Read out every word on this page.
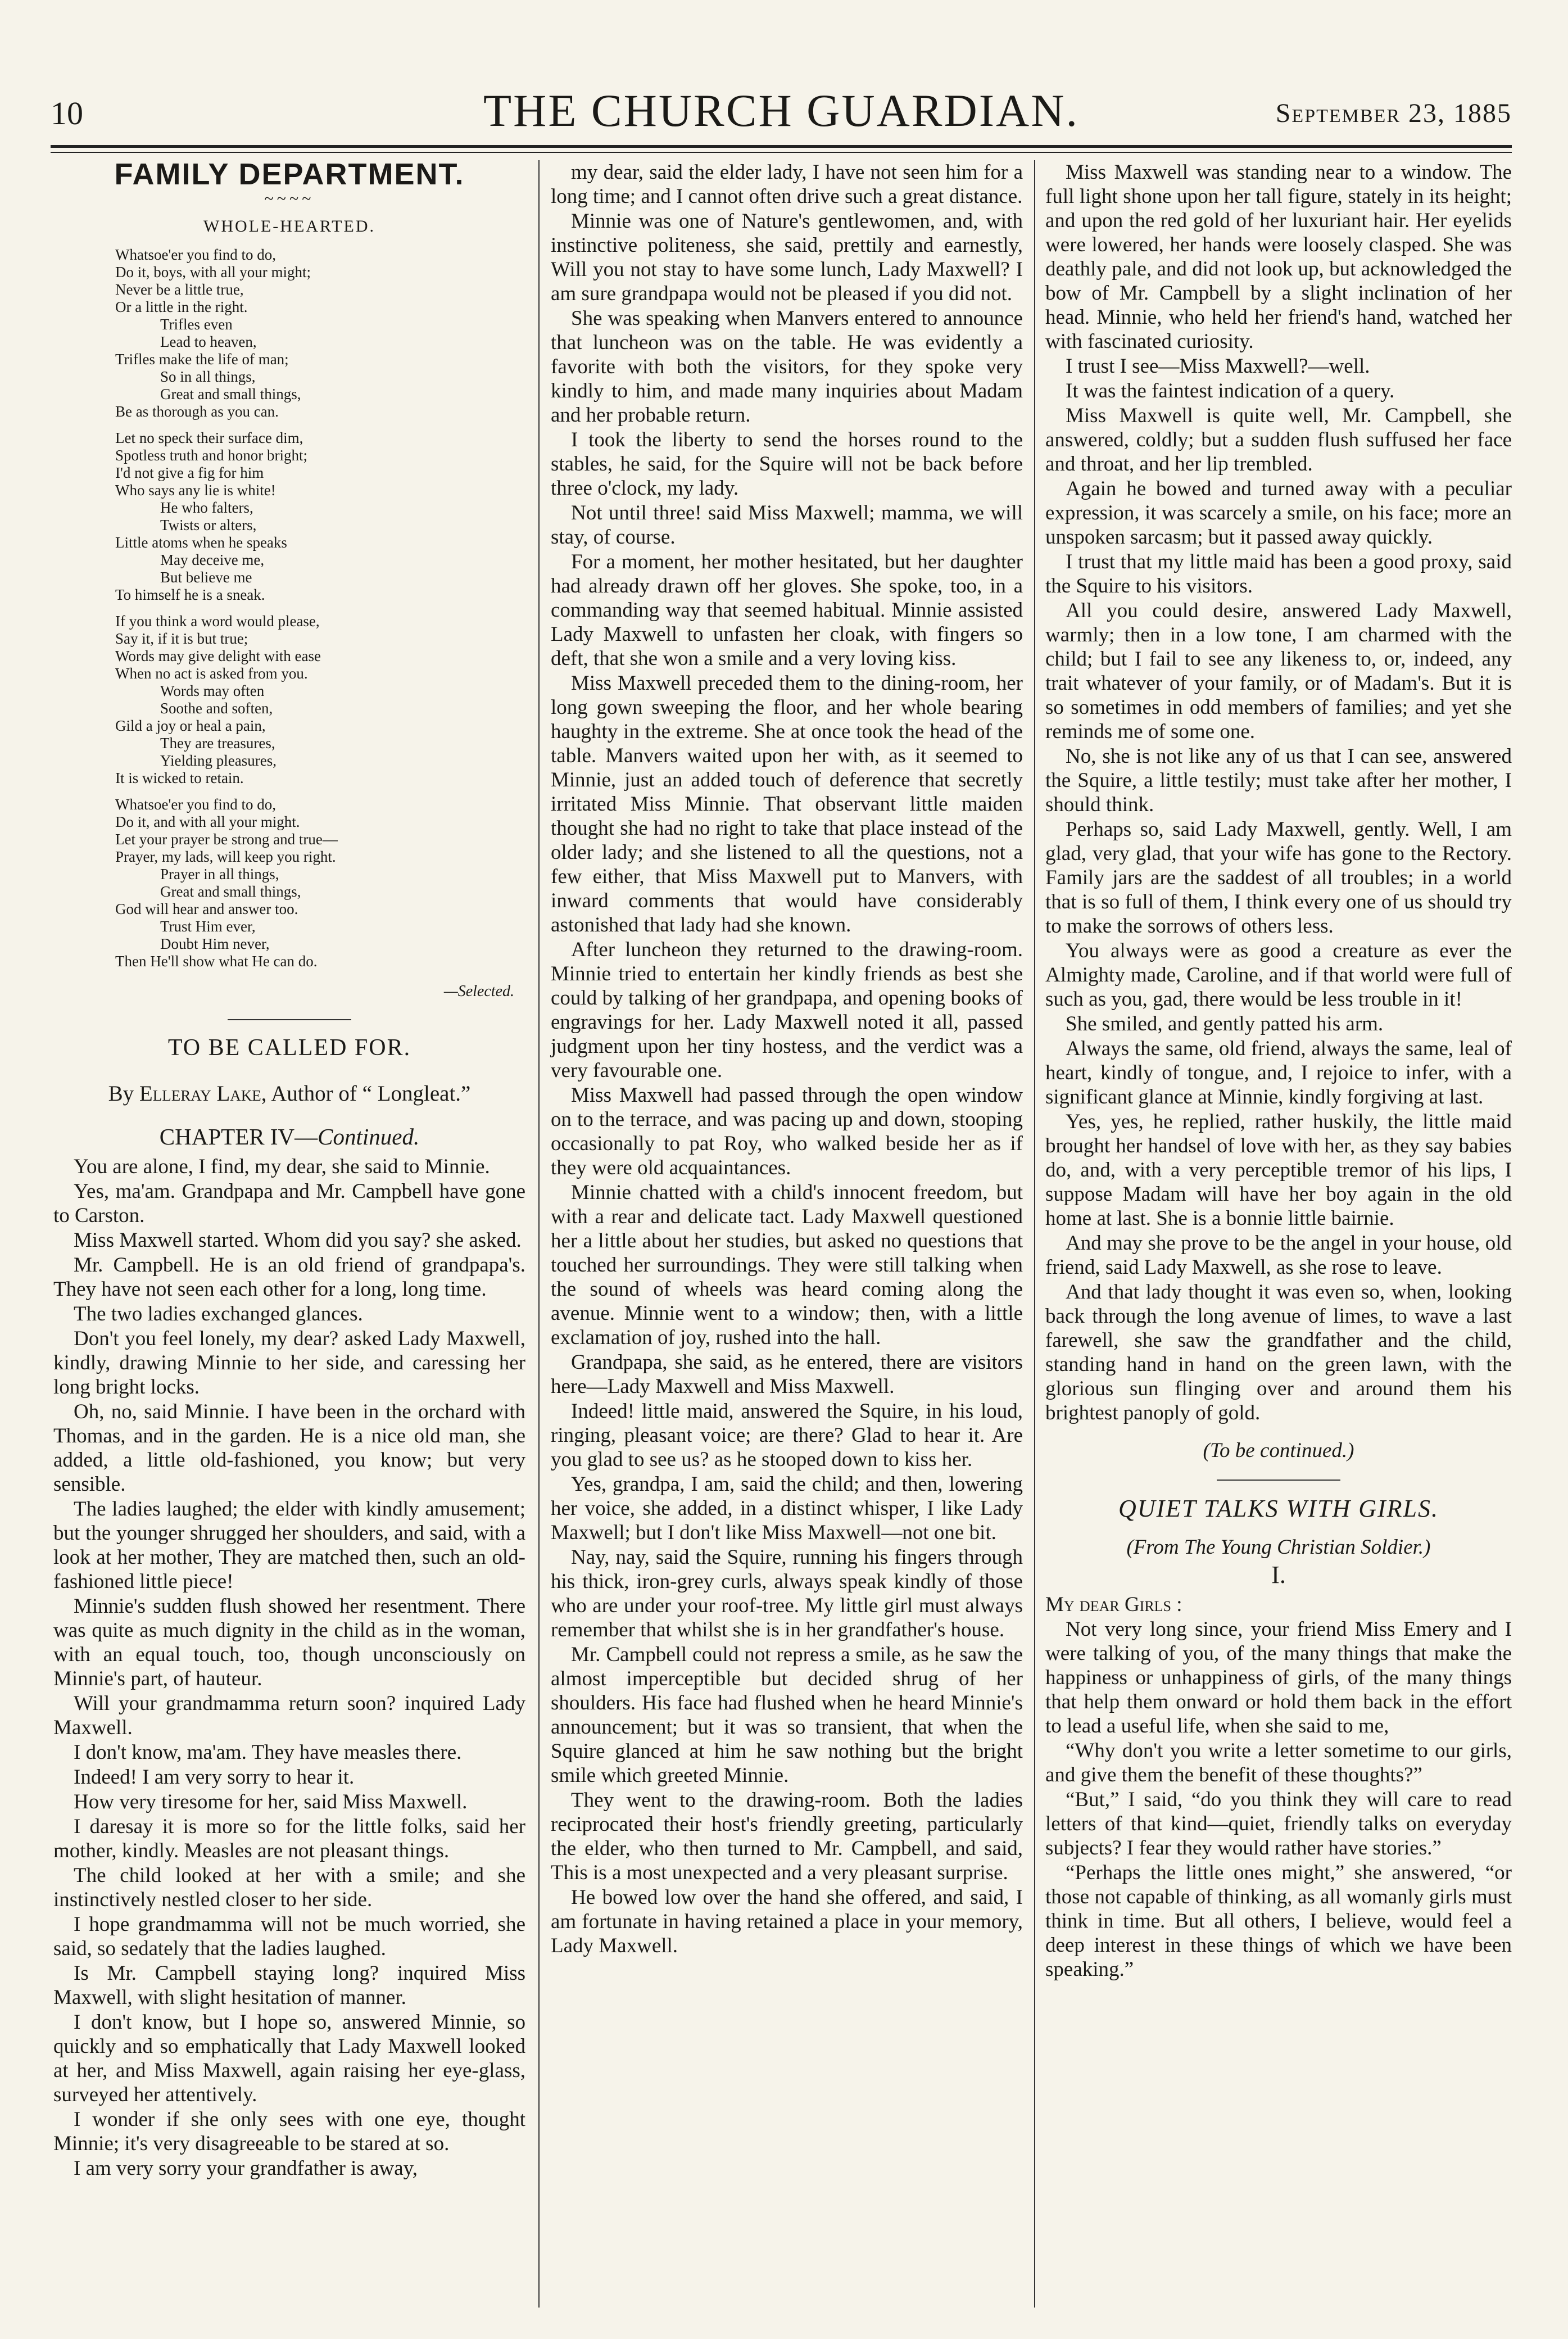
10	THE CHURCH GUARDIAN.	September 23, 1885
FAMILY DEPARTMENT.
~~~~
WHOLE-HEARTED.
Whatsoe'er you find to do,
Do it, boys, with all your might;
Never be a little true,
Or a little in the right.
Trifles even
Lead to heaven,
Trifles make the life of man;
So in all things,
Great and small things,
Be as thorough as you can.
Let no speck their surface dim,
Spotless truth and honor bright;
I'd not give a fig for him
Who says any lie is white!
He who falters,
Twists or alters,
Little atoms when he speaks
May deceive me,
But believe me
To himself he is a sneak.
If you think a word would please,
Say it, if it is but true;
Words may give delight with ease
When no act is asked from you.
Words may often
Soothe and soften,
Gild a joy or heal a pain,
They are treasures,
Yielding pleasures,
It is wicked to retain.
Whatsoe'er you find to do,
Do it, and with all your might.
Let your prayer be strong and true—
Prayer, my lads, will keep you right.
Prayer in all things,
Great and small things,
God will hear and answer too.
Trust Him ever,
Doubt Him never,
Then He'll show what He can do.
—Selected.
TO BE CALLED FOR.
By Elleray Lake, Author of “ Longleat.”
CHAPTER IV—Continued.

You are alone, I find, my dear, she said to Minnie.

Yes, ma'am. Grandpapa and Mr. Campbell have gone to Carston.

Miss Maxwell started. Whom did you say? she asked.

Mr. Campbell. He is an old friend of grandpapa's. They have not seen each other for a long, long time.

The two ladies exchanged glances.

Don't you feel lonely, my dear? asked Lady Maxwell, kindly, drawing Minnie to her side, and caressing her long bright locks.

Oh, no, said Minnie. I have been in the orchard with Thomas, and in the garden. He is a nice old man, she added, a little old-fashioned, you know; but very sensible.

The ladies laughed; the elder with kindly amusement; but the younger shrugged her shoulders, and said, with a look at her mother, They are matched then, such an old-fashioned little piece!

Minnie's sudden flush showed her resentment. There was quite as much dignity in the child as in the woman, with an equal touch, too, though unconsciously on Minnie's part, of hauteur.

Will your grandmamma return soon? inquired Lady Maxwell.

I don't know, ma'am. They have measles there.

Indeed! I am very sorry to hear it.

How very tiresome for her, said Miss Maxwell.

I daresay it is more so for the little folks, said her mother, kindly. Measles are not pleasant things.

The child looked at her with a smile; and she instinctively nestled closer to her side.

I hope grandmamma will not be much worried, she said, so sedately that the ladies laughed.

Is Mr. Campbell staying long? inquired Miss Maxwell, with slight hesitation of manner.

I don't know, but I hope so, answered Minnie, so quickly and so emphatically that Lady Maxwell looked at her, and Miss Maxwell, again raising her eye-glass, surveyed her attentively.

I wonder if she only sees with one eye, thought Minnie; it's very disagreeable to be stared at so.

I am very sorry your grandfather is away,

my dear, said the elder lady, I have not seen him for a long time; and I cannot often drive such a great distance.

Minnie was one of Nature's gentlewomen, and, with instinctive politeness, she said, prettily and earnestly, Will you not stay to have some lunch, Lady Maxwell? I am sure grandpapa would not be pleased if you did not.

She was speaking when Manvers entered to announce that luncheon was on the table. He was evidently a favorite with both the visitors, for they spoke very kindly to him, and made many inquiries about Madam and her probable return.

I took the liberty to send the horses round to the stables, he said, for the Squire will not be back before three o'clock, my lady.

Not until three! said Miss Maxwell; mamma, we will stay, of course.

For a moment, her mother hesitated, but her daughter had already drawn off her gloves. She spoke, too, in a commanding way that seemed habitual. Minnie assisted Lady Maxwell to unfasten her cloak, with fingers so deft, that she won a smile and a very loving kiss.

Miss Maxwell preceded them to the dining-room, her long gown sweeping the floor, and her whole bearing haughty in the extreme. She at once took the head of the table. Manvers waited upon her with, as it seemed to Minnie, just an added touch of deference that secretly irritated Miss Minnie. That observant little maiden thought she had no right to take that place instead of the older lady; and she listened to all the questions, not a few either, that Miss Maxwell put to Manvers, with inward comments that would have considerably astonished that lady had she known.

After luncheon they returned to the drawing-room. Minnie tried to entertain her kindly friends as best she could by talking of her grandpapa, and opening books of engravings for her. Lady Maxwell noted it all, passed judgment upon her tiny hostess, and the verdict was a very favourable one.

Miss Maxwell had passed through the open window on to the terrace, and was pacing up and down, stooping occasionally to pat Roy, who walked beside her as if they were old acquaintances.

Minnie chatted with a child's innocent freedom, but with a rear and delicate tact. Lady Maxwell questioned her a little about her studies, but asked no questions that touched her surroundings. They were still talking when the sound of wheels was heard coming along the avenue. Minnie went to a window; then, with a little exclamation of joy, rushed into the hall.

Grandpapa, she said, as he entered, there are visitors here—Lady Maxwell and Miss Maxwell.

Indeed! little maid, answered the Squire, in his loud, ringing, pleasant voice; are there? Glad to hear it. Are you glad to see us? as he stooped down to kiss her.

Yes, grandpa, I am, said the child; and then, lowering her voice, she added, in a distinct whisper, I like Lady Maxwell; but I don't like Miss Maxwell—not one bit.

Nay, nay, said the Squire, running his fingers through his thick, iron-grey curls, always speak kindly of those who are under your roof-tree. My little girl must always remember that whilst she is in her grandfather's house.

Mr. Campbell could not repress a smile, as he saw the almost imperceptible but decided shrug of her shoulders. His face had flushed when he heard Minnie's announcement; but it was so transient, that when the Squire glanced at him he saw nothing but the bright smile which greeted Minnie.

They went to the drawing-room. Both the ladies reciprocated their host's friendly greeting, particularly the elder, who then turned to Mr. Campbell, and said, This is a most unexpected and a very pleasant surprise.

He bowed low over the hand she offered, and said, I am fortunate in having retained a place in your memory, Lady Maxwell.

Miss Maxwell was standing near to a window. The full light shone upon her tall figure, stately in its height; and upon the red gold of her luxuriant hair. Her eyelids were lowered, her hands were loosely clasped. She was deathly pale, and did not look up, but acknowledged the bow of Mr. Campbell by a slight inclination of her head. Minnie, who held her friend's hand, watched her with fascinated curiosity.

I trust I see—Miss Maxwell?—well.

It was the faintest indication of a query.

Miss Maxwell is quite well, Mr. Campbell, she answered, coldly; but a sudden flush suffused her face and throat, and her lip trembled.

Again he bowed and turned away with a peculiar expression, it was scarcely a smile, on his face; more an unspoken sarcasm; but it passed away quickly.

I trust that my little maid has been a good proxy, said the Squire to his visitors.

All you could desire, answered Lady Maxwell, warmly; then in a low tone, I am charmed with the child; but I fail to see any likeness to, or, indeed, any trait whatever of your family, or of Madam's. But it is so sometimes in odd members of families; and yet she reminds me of some one.

No, she is not like any of us that I can see, answered the Squire, a little testily; must take after her mother, I should think.

Perhaps so, said Lady Maxwell, gently. Well, I am glad, very glad, that your wife has gone to the Rectory. Family jars are the saddest of all troubles; in a world that is so full of them, I think every one of us should try to make the sorrows of others less.

You always were as good a creature as ever the Almighty made, Caroline, and if that world were full of such as you, gad, there would be less trouble in it!

She smiled, and gently patted his arm.

Always the same, old friend, always the same, leal of heart, kindly of tongue, and, I rejoice to infer, with a significant glance at Minnie, kindly forgiving at last.

Yes, yes, he replied, rather huskily, the little maid brought her handsel of love with her, as they say babies do, and, with a very perceptible tremor of his lips, I suppose Madam will have her boy again in the old home at last. She is a bonnie little bairnie.

And may she prove to be the angel in your house, old friend, said Lady Maxwell, as she rose to leave.

And that lady thought it was even so, when, looking back through the long avenue of limes, to wave a last farewell, she saw the grandfather and the child, standing hand in hand on the green lawn, with the glorious sun flinging over and around them his brightest panoply of gold.

(To be continued.)
QUIET TALKS WITH GIRLS.
(From The Young Christian Soldier.)
I.

My dear Girls :

Not very long since, your friend Miss Emery and I were talking of you, of the many things that make the happiness or unhappiness of girls, of the many things that help them onward or hold them back in the effort to lead a useful life, when she said to me,

“Why don't you write a letter sometime to our girls, and give them the benefit of these thoughts?”

“But,” I said, “do you think they will care to read letters of that kind—quiet, friendly talks on everyday subjects? I fear they would rather have stories.”

“Perhaps the little ones might,” she answered, “or those not capable of thinking, as all womanly girls must think in time. But all others, I believe, would feel a deep interest in these things of which we have been speaking.”
